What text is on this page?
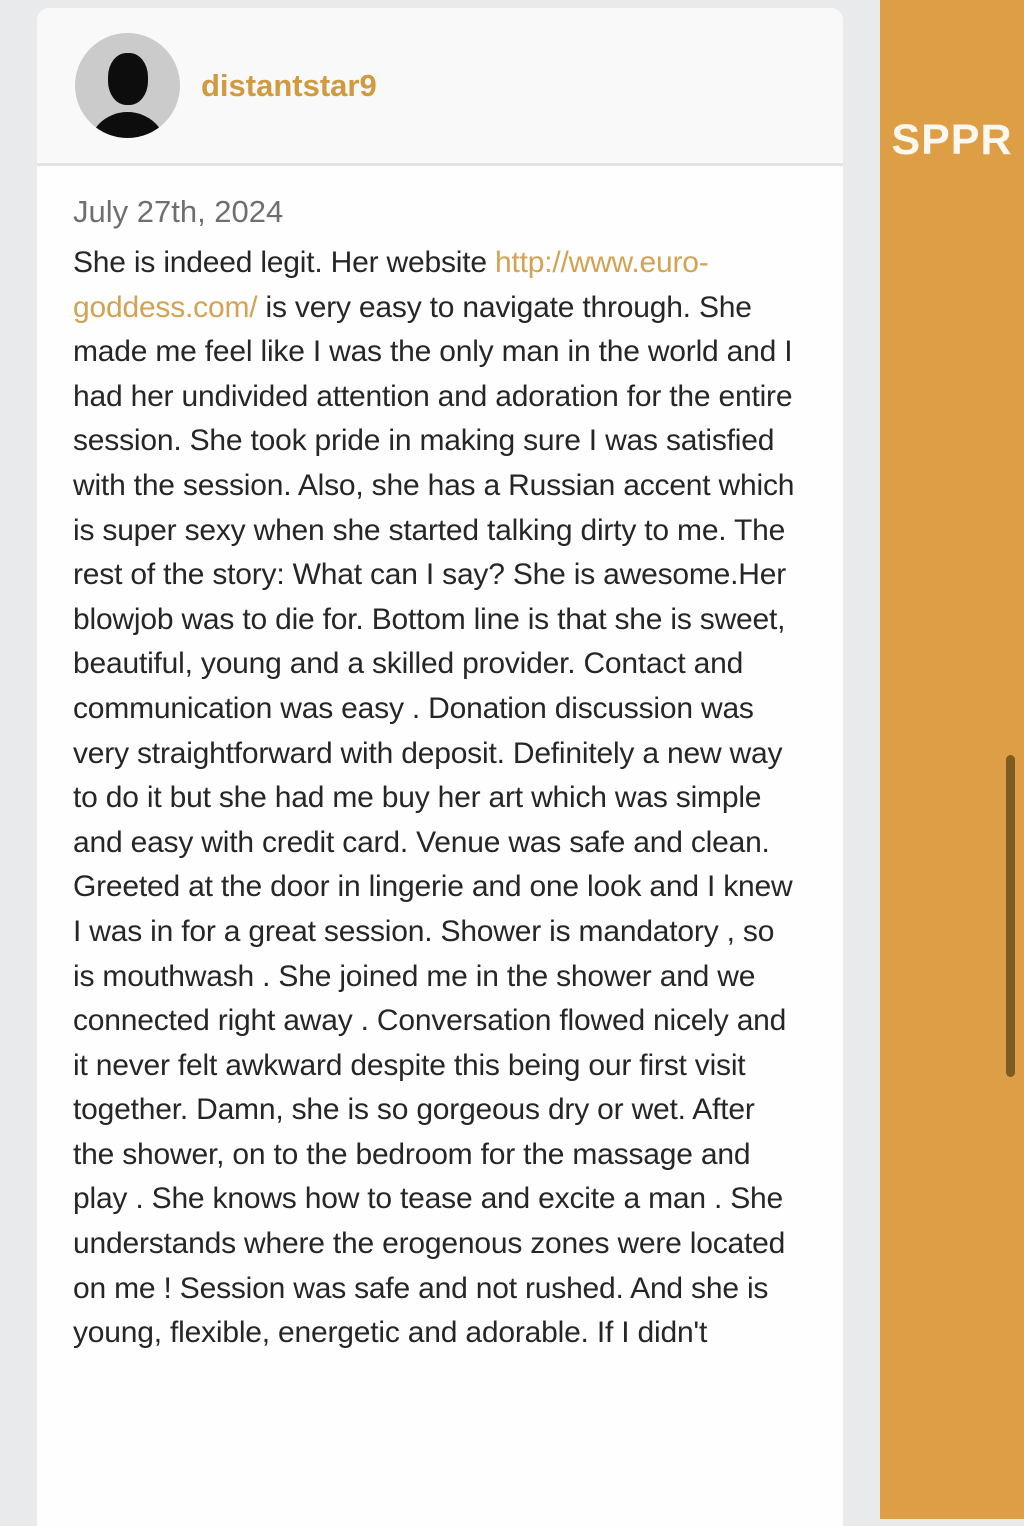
distantstar9
July 27th, 2024
She is indeed legit. Her website http://www.euro-goddess.com/ is very easy to navigate through. She made me feel like I was the only man in the world and I had her undivided attention and adoration for the entire session. She took pride in making sure I was satisfied with the session. Also, she has a Russian accent which is super sexy when she started talking dirty to me. The rest of the story: What can I say? She is awesome.Her blowjob was to die for. Bottom line is that she is sweet, beautiful, young and a skilled provider. Contact and communication was easy . Donation discussion was very straightforward with deposit. Definitely a new way to do it but she had me buy her art which was simple and easy with credit card. Venue was safe and clean. Greeted at the door in lingerie and one look and I knew I was in for a great session. Shower is mandatory , so is mouthwash . She joined me in the shower and we connected right away . Conversation flowed nicely and it never felt awkward despite this being our first visit together. Damn, she is so gorgeous dry or wet. After the shower, on to the bedroom for the massage and play . She knows how to tease and excite a man . She understands where the erogenous zones were located on me ! Session was safe and not rushed. And she is young, flexible, energetic and adorable. If I didn't
SPPR
